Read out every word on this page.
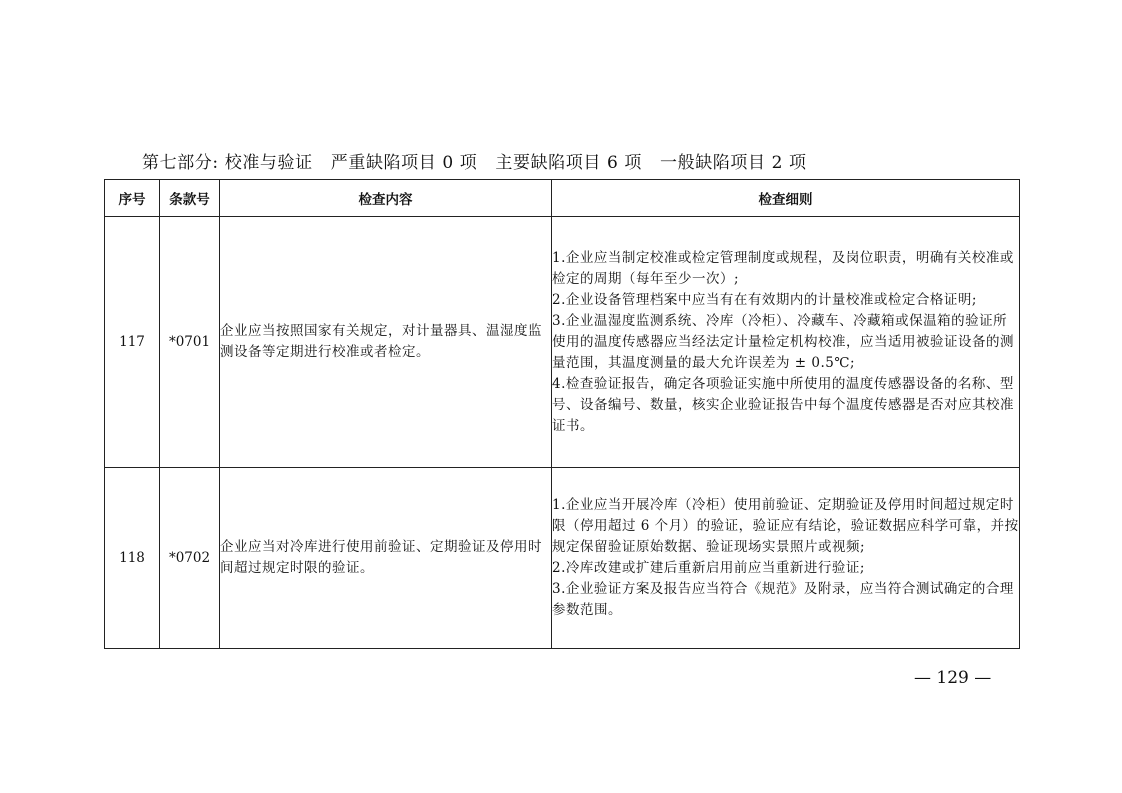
第七部分: 校准与验证   严重缺陷项目 0 项   主要缺陷项目 6 项   一般缺陷项目 2 项
序号	条款号	检查内容	检查细则
117	*0701	企业应当按照国家有关规定，对计量器具、温湿度监测设备等定期进行校准或者检定。	1.企业应当制定校准或检定管理制度或规程，及岗位职责，明确有关校准或检定的周期（每年至少一次）;
2.企业设备管理档案中应当有在有效期内的计量校准或检定合格证明;
3.企业温湿度监测系统、冷库（冷柜）、冷藏车、冷藏箱或保温箱的验证所使用的温度传感器应当经法定计量检定机构校准，应当适用被验证设备的测量范围，其温度测量的最大允许误差为 ± 0.5℃;
4.检查验证报告，确定各项验证实施中所使用的温度传感器设备的名称、型号、设备编号、数量，核实企业验证报告中每个温度传感器是否对应其校准证书。

118	*0702	企业应当对冷库进行使用前验证、定期验证及停用时间超过规定时限的验证。	1.企业应当开展冷库（冷柜）使用前验证、定期验证及停用时间超过规定时限（停用超过 6 个月）的验证，验证应有结论，验证数据应科学可靠，并按规定保留验证原始数据、验证现场实景照片或视频;
2.冷库改建或扩建后重新启用前应当重新进行验证;
3.企业验证方案及报告应当符合《规范》及附录，应当符合测试确定的合理参数范围。
— 129 —
